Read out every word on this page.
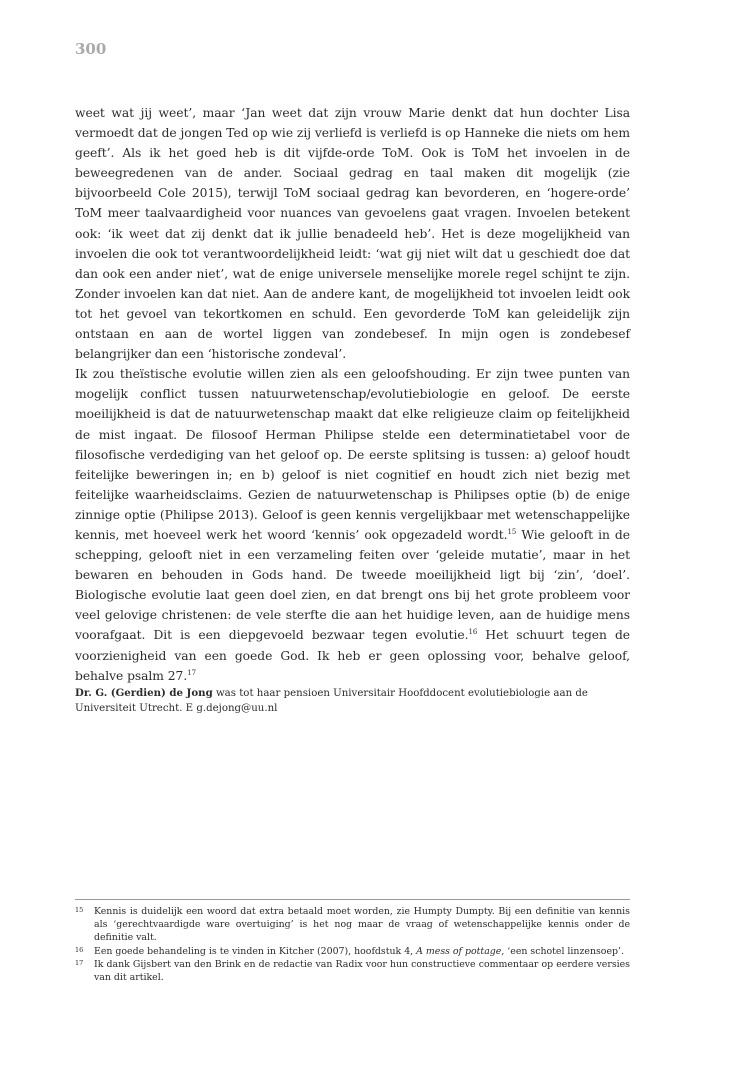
300

weet wat jij weet’, maar ‘Jan weet dat zijn vrouw Marie denkt dat hun dochter Lisa vermoedt dat de jongen Ted op wie zij verliefd is verliefd is op Hanneke die niets om hem geeft’. Als ik het goed heb is dit vijfde-orde ToM. Ook is ToM het invoelen in de beweegredenen van de ander. Sociaal gedrag en taal maken dit mogelijk (zie bijvoorbeeld Cole 2015), terwijl ToM sociaal gedrag kan bevorderen, en ‘hogere-orde’ ToM meer taalvaardigheid voor nuances van gevoelens gaat vragen. Invoelen betekent ook: ‘ik weet dat zij denkt dat ik jullie benadeeld heb’. Het is deze mogelijkheid van invoelen die ook tot verantwoordelijkheid leidt: ‘wat gij niet wilt dat u geschiedt doe dat dan ook een ander niet’, wat de enige universele menselijke morele regel schijnt te zijn. Zonder invoelen kan dat niet. Aan de andere kant, de mogelijkheid tot invoelen leidt ook tot het gevoel van tekortkomen en schuld. Een gevorderde ToM kan geleidelijk zijn ontstaan en aan de wortel liggen van zondebesef. In mijn ogen is zondebesef belangrijker dan een ‘historische zondeval’.

Ik zou theïstische evolutie willen zien als een geloofshouding. Er zijn twee punten van mogelijk conflict tussen natuurwetenschap/evolutiebiologie en geloof. De eerste moeilijkheid is dat de natuurwetenschap maakt dat elke religieuze claim op feitelijkheid de mist ingaat. De filosoof Herman Philipse stelde een determinatietabel voor de filosofische verdediging van het geloof op. De eerste splitsing is tussen: a) geloof houdt feitelijke beweringen in; en b) geloof is niet cognitief en houdt zich niet bezig met feitelijke waarheidsclaims. Gezien de natuurwetenschap is Philipses optie (b) de enige zinnige optie (Philipse 2013). Geloof is geen kennis vergelijkbaar met wetenschappelijke kennis, met hoeveel werk het woord ‘kennis’ ook opgezadeld wordt.$^{15}$ Wie gelooft in de schepping, gelooft niet in een verzameling feiten over ‘geleide mutatie’, maar in het bewaren en behouden in Gods hand. De tweede moeilijkheid ligt bij ‘zin’, ‘doel’. Biologische evolutie laat geen doel zien, en dat brengt ons bij het grote probleem voor veel gelovige christenen: de vele sterfte die aan het huidige leven, aan de huidige mens voorafgaat. Dit is een diepgevoeld bezwaar tegen evolutie.$^{16}$ Het schuurt tegen de voorzienigheid van een goede God. Ik heb er geen oplossing voor, behalve geloof, behalve psalm 27.17

Dr. G. (Gerdien) de Jong was tot haar pensioen Universitair Hoofddocent evolutiebiologie aan de Universiteit Utrecht. E g.dejong@uu.nl
15 Kennis is duidelijk een woord dat extra betaald moet worden, zie Humpty Dumpty. Bij een definitie van kennis als ‘gerechtvaardigde ware overtuiging’ is het nog maar de vraag of wetenschappelijke kennis onder de definitie valt.
16 Een goede behandeling is te vinden in Kitcher (2007), hoofdstuk 4, A mess of pottage, ‘een schotel linzensoep’.
17 Ik dank Gijsbert van den Brink en de redactie van Radix voor hun constructieve commentaar op eerdere versies van dit artikel.
